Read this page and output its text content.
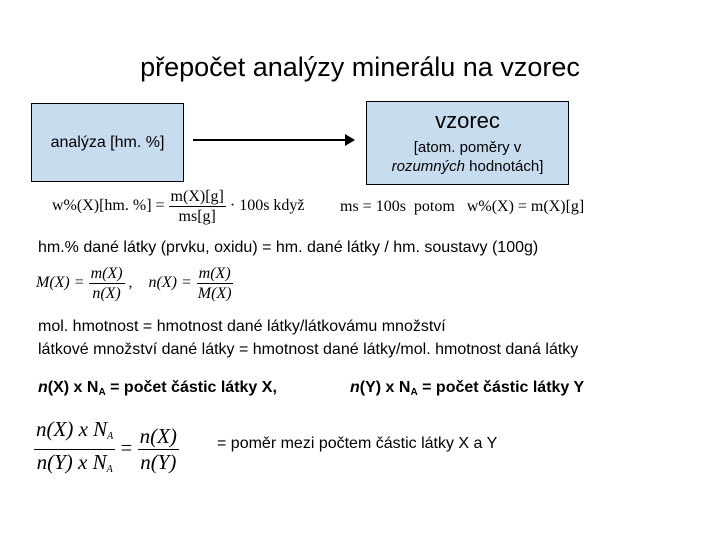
přepočet analýzy minerálu na vzorec
analýza [hm. %]
vzorec
[atom. poměry v
rozumných hodnotách]
w%(X)[hm. %] = $\frac{m(X)[g]}{ms[g]} \cdot 100s$ když ms = 100s potom w%(X) = m(X)[g]
hm.% dané látky (prvku, oxidu) = hm. dané látky / hm. soustavy (100g)
$M(X) = \frac{m(X)}{n(X)}$ , $n(X) = \frac{m(X)}{M(X)}$
mol. hmotnost = hmotnost dané látky/látkovámu množství
látkové množství dané látky = hmotnost dané látky/mol. hmotnost daná látky
n(X) x $N_A$ = počet částic látky X,	n(Y) x $N_A$ = počet částic látky Y
$\frac{n(X) x N_A}{n(Y) x N_A} = \frac{n(X)}{n(Y)}$ = poměr mezi počtem částic látky X a Y
